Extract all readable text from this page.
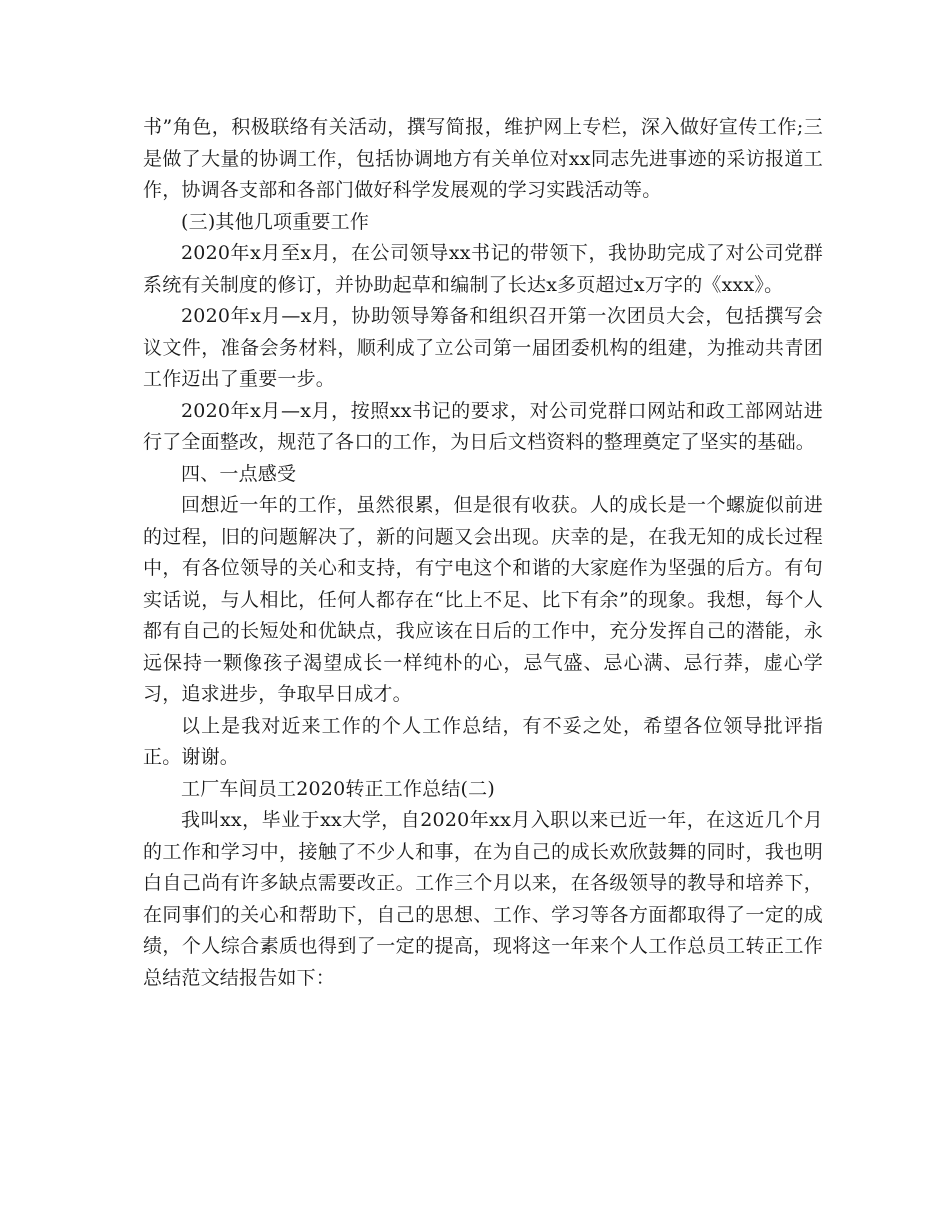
书”角色，积极联络有关活动，撰写简报，维护网上专栏，深入做好宣传工作;三是做了大量的协调工作，包括协调地方有关单位对xx同志先进事迹的采访报道工作，协调各支部和各部门做好科学发展观的学习实践活动等。

(三)其他几项重要工作

2020年x月至x月，在公司领导xx书记的带领下，我协助完成了对公司党群系统有关制度的修订，并协助起草和编制了长达x多页超过x万字的《xxx》。

2020年x月—x月，协助领导筹备和组织召开第一次团员大会，包括撰写会议文件，准备会务材料，顺利成了立公司第一届团委机构的组建，为推动共青团工作迈出了重要一步。

2020年x月—x月，按照xx书记的要求，对公司党群口网站和政工部网站进行了全面整改，规范了各口的工作，为日后文档资料的整理奠定了坚实的基础。

四、一点感受

回想近一年的工作，虽然很累，但是很有收获。人的成长是一个螺旋似前进的过程，旧的问题解决了，新的问题又会出现。庆幸的是，在我无知的成长过程中，有各位领导的关心和支持，有宁电这个和谐的大家庭作为坚强的后方。有句实话说，与人相比，任何人都存在“比上不足、比下有余”的现象。我想，每个人都有自己的长短处和优缺点，我应该在日后的工作中，充分发挥自己的潜能，永远保持一颗像孩子渴望成长一样纯朴的心，忌气盛、忌心满、忌行莽，虚心学习，追求进步，争取早日成才。

以上是我对近来工作的个人工作总结，有不妥之处，希望各位领导批评指正。谢谢。

工厂车间员工2020转正工作总结(二)

我叫xx，毕业于xx大学，自2020年xx月入职以来已近一年，在这近几个月的工作和学习中，接触了不少人和事，在为自己的成长欢欣鼓舞的同时，我也明白自己尚有许多缺点需要改正。工作三个月以来，在各级领导的教导和培养下，在同事们的关心和帮助下，自己的思想、工作、学习等各方面都取得了一定的成绩，个人综合素质也得到了一定的提高，现将这一年来个人工作总员工转正工作总结范文结报告如下：
